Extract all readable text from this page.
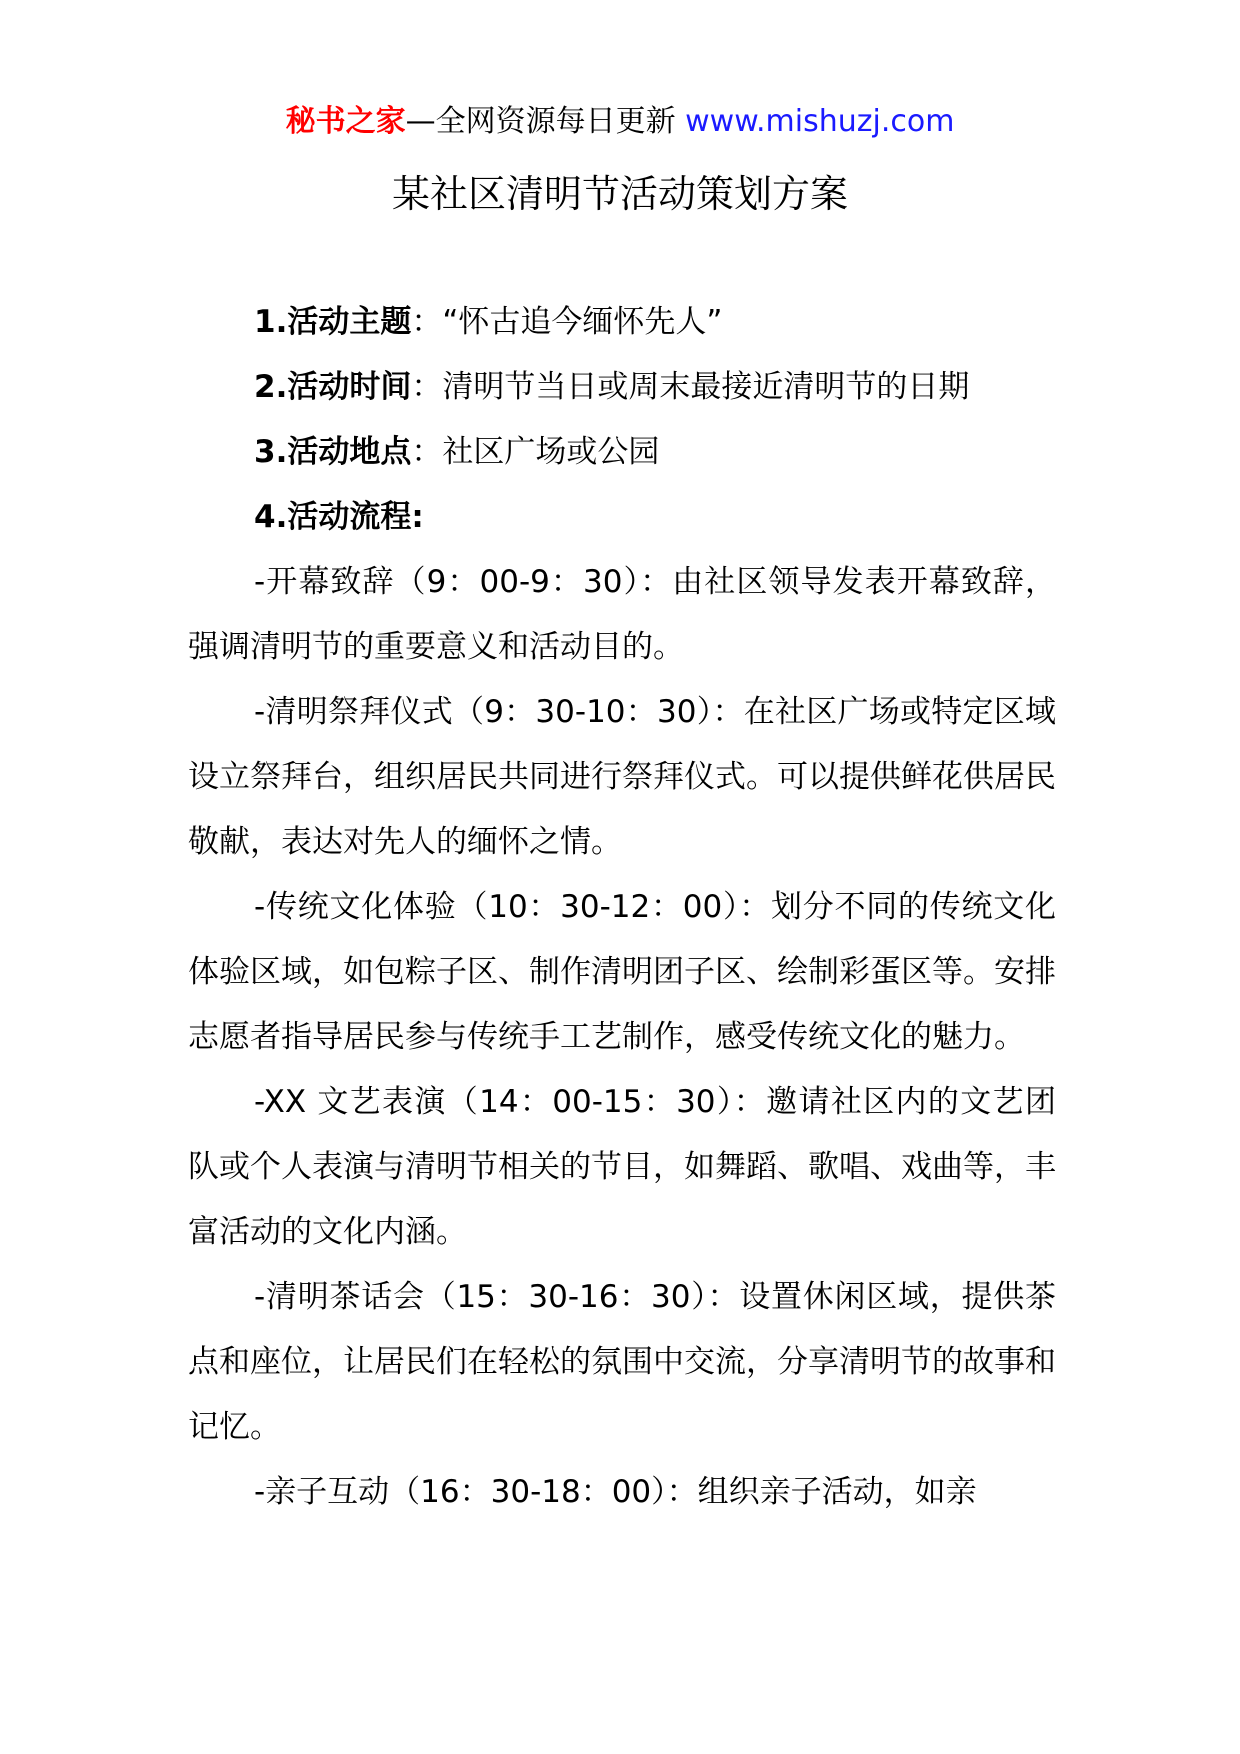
秘书之家—全网资源每日更新 www.mishuzj.com
某社区清明节活动策划方案

1.活动主题：“怀古追今缅怀先人”

2.活动时间：清明节当日或周末最接近清明节的日期

3.活动地点：社区广场或公园

4.活动流程:

-开幕致辞（9：00-9：30）：由社区领导发表开幕致辞，强调清明节的重要意义和活动目的。

-清明祭拜仪式（9：30-10：30）：在社区广场或特定区域设立祭拜台，组织居民共同进行祭拜仪式。可以提供鲜花供居民敬献，表达对先人的缅怀之情。

-传统文化体验（10：30-12：00）：划分不同的传统文化体验区域，如包粽子区、制作清明团子区、绘制彩蛋区等。安排志愿者指导居民参与传统手工艺制作，感受传统文化的魅力。

-XX 文艺表演（14：00-15：30）：邀请社区内的文艺团队或个人表演与清明节相关的节目，如舞蹈、歌唱、戏曲等，丰富活动的文化内涵。

-清明茶话会（15：30-16：30）：设置休闲区域，提供茶点和座位，让居民们在轻松的氛围中交流，分享清明节的故事和记忆。

-亲子互动（16：30-18：00）：组织亲子活动，如亲
